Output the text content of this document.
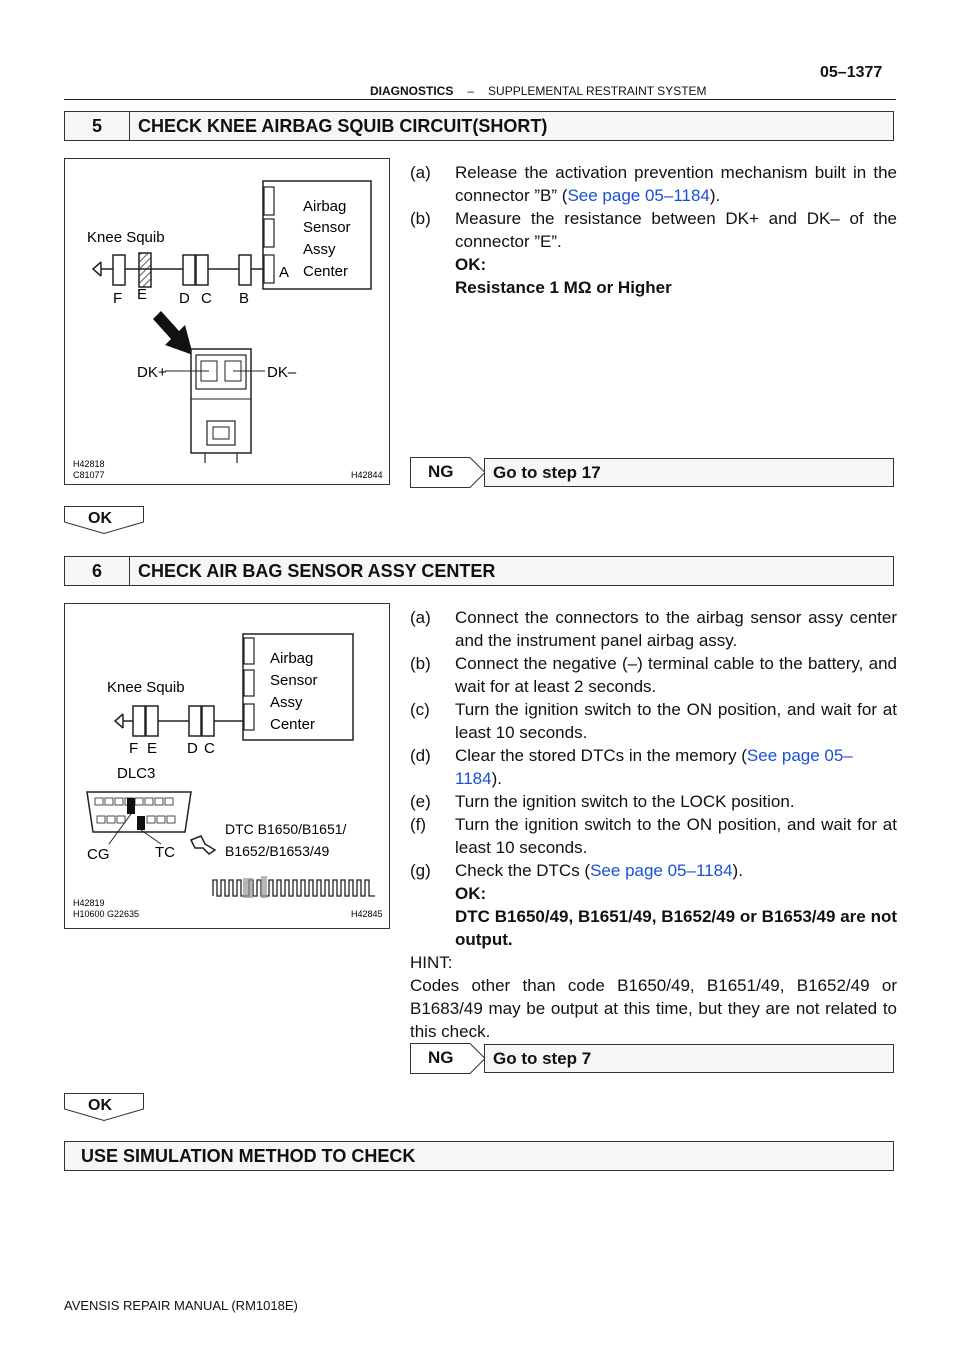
05–1377
DIAGNOSTICS – SUPPLEMENTAL RESTRAINT SYSTEM
5	CHECK KNEE AIRBAG SQUIB CIRCUIT(SHORT)
Airbag
Sensor
Assy
Center
Knee Squib
F E D C B
A
DK+	DK–
H42818
C81077	H42844
(a) Release the activation prevention mechanism built in the connector ”B” (See page 05–1184).
(b) Measure the resistance between DK+ and DK– of the connector ”E”.
OK:
Resistance 1 MΩ or Higher
NG	Go to step 17
OK
6	CHECK AIR BAG SENSOR ASSY CENTER
Airbag
Sensor
Assy
Center
Knee Squib
F E D C
DLC3
CG	TC
DTC B1650/B1651/
B1652/B1653/49
H42819
H10600 G22635	H42845
(a) Connect the connectors to the airbag sensor assy center and the instrument panel airbag assy.
(b) Connect the negative (–) terminal cable to the battery, and wait for at least 2 seconds.
(c) Turn the ignition switch to the ON position, and wait for at least 10 seconds.
(d) Clear the stored DTCs in the memory (See page 05–1184).
(e) Turn the ignition switch to the LOCK position.
(f) Turn the ignition switch to the ON position, and wait for at least 10 seconds.
(g) Check the DTCs (See page 05–1184).
OK:
DTC B1650/49, B1651/49, B1652/49 or B1653/49 are not output.
HINT:
Codes other than code B1650/49, B1651/49, B1652/49 or B1683/49 may be output at this time, but they are not related to this check.
NG	Go to step 7
OK
USE SIMULATION METHOD TO CHECK
AVENSIS REPAIR MANUAL (RM1018E)
